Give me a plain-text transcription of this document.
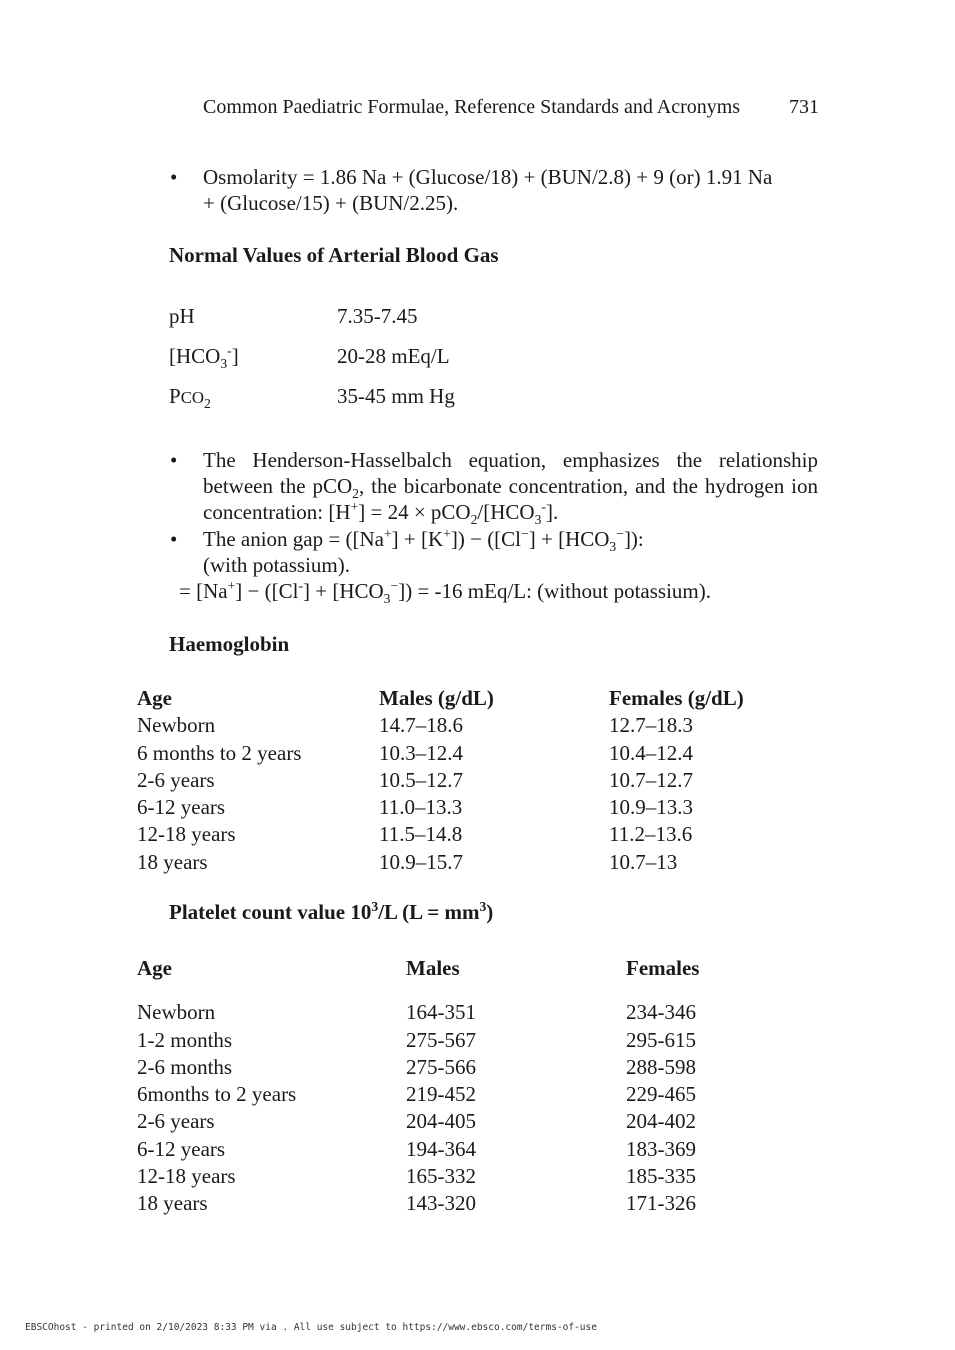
Common Paediatric Formulae, Reference Standards and Acronyms 731
• Osmolarity = 1.86 Na + (Glucose/18) + (BUN/2.8) + 9 (or) 1.91 Na
+ (Glucose/15) + (BUN/2.25).
Normal Values of Arterial Blood Gas
pH	7.35-7.45
$[HCO_3^-]$	20-28 mEq/L
$PCO_2$	35-45 mm Hg
• The Henderson-Hasselbalch equation, emphasizes the relationship between the pCO$_2$, the bicarbonate concentration, and the hydrogen ion concentration: $[H^+] = 24 \times pCO_2/[HCO_3^-]$.
• The anion gap = $([Na^+] + [K^+]) - ([Cl^-] + [HCO_3^-])$:
(with potassium).
= $[Na^+] - ([Cl^-] + [HCO_3^-]) = -16$ mEq/L: (without potassium).
Haemoglobin
Age	Males (g/dL)	Females (g/dL)
Newborn	14.7–18.6	12.7–18.3
6 months to 2 years	10.3–12.4	10.4–12.4
2-6 years	10.5–12.7	10.7–12.7
6-12 years	11.0–13.3	10.9–13.3
12-18 years	11.5–14.8	11.2–13.6
18 years	10.9–15.7	10.7–13
Platelet count value $10^3/L$ $(L = mm^3)$
Age	Males	Females
Newborn	164-351	234-346
1-2 months	275-567	295-615
2-6 months	275-566	288-598
6months to 2 years	219-452	229-465
2-6 years	204-405	204-402
6-12 years	194-364	183-369
12-18 years	165-332	185-335
18 years	143-320	171-326
EBSCOhost - printed on 2/10/2023 8:33 PM via . All use subject to https://www.ebsco.com/terms-of-use
